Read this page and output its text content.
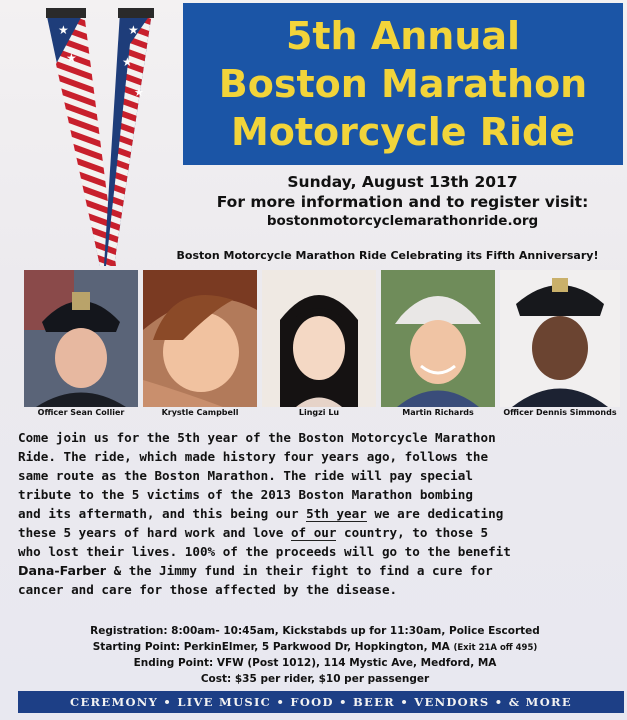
★
★
★
★
★
5th Annual
Boston Marathon
Motorcycle Ride
Sunday, August 13th 2017
For more information and to register visit:
bostonmotorcyclemarathonride.org
Boston Motorcycle Marathon Ride Celebrating its Fifth Anniversary!
Officer Sean Collier	Krystle Campbell	Lingzi Lu	Martin Richards	Officer Dennis Simmonds
Come join us for the 5th year of the Boston Motorcycle Marathon
Ride. The ride, which made history four years ago, follows the
same route as the Boston Marathon. The ride will pay special
tribute to the 5 victims of the 2013 Boston Marathon bombing
and its aftermath, and this being our 5th year we are dedicating
these 5 years of hard work and love of our country, to those 5
who lost their lives. 100% of the proceeds will go to the benefit
Dana-Farber & the Jimmy fund in their fight to find a cure for
cancer and care for those affected by the disease.
Registration: 8:00am- 10:45am, Kickstabds up for 11:30am, Police Escorted
Starting Point: PerkinElmer, 5 Parkwood Dr, Hopkington, MA (Exit 21A off 495)
Ending Point: VFW (Post 1012), 114 Mystic Ave, Medford, MA
Cost: $35 per rider, $10 per passenger
CEREMONY • LIVE MUSIC • FOOD • BEER • VENDORS • & MORE
